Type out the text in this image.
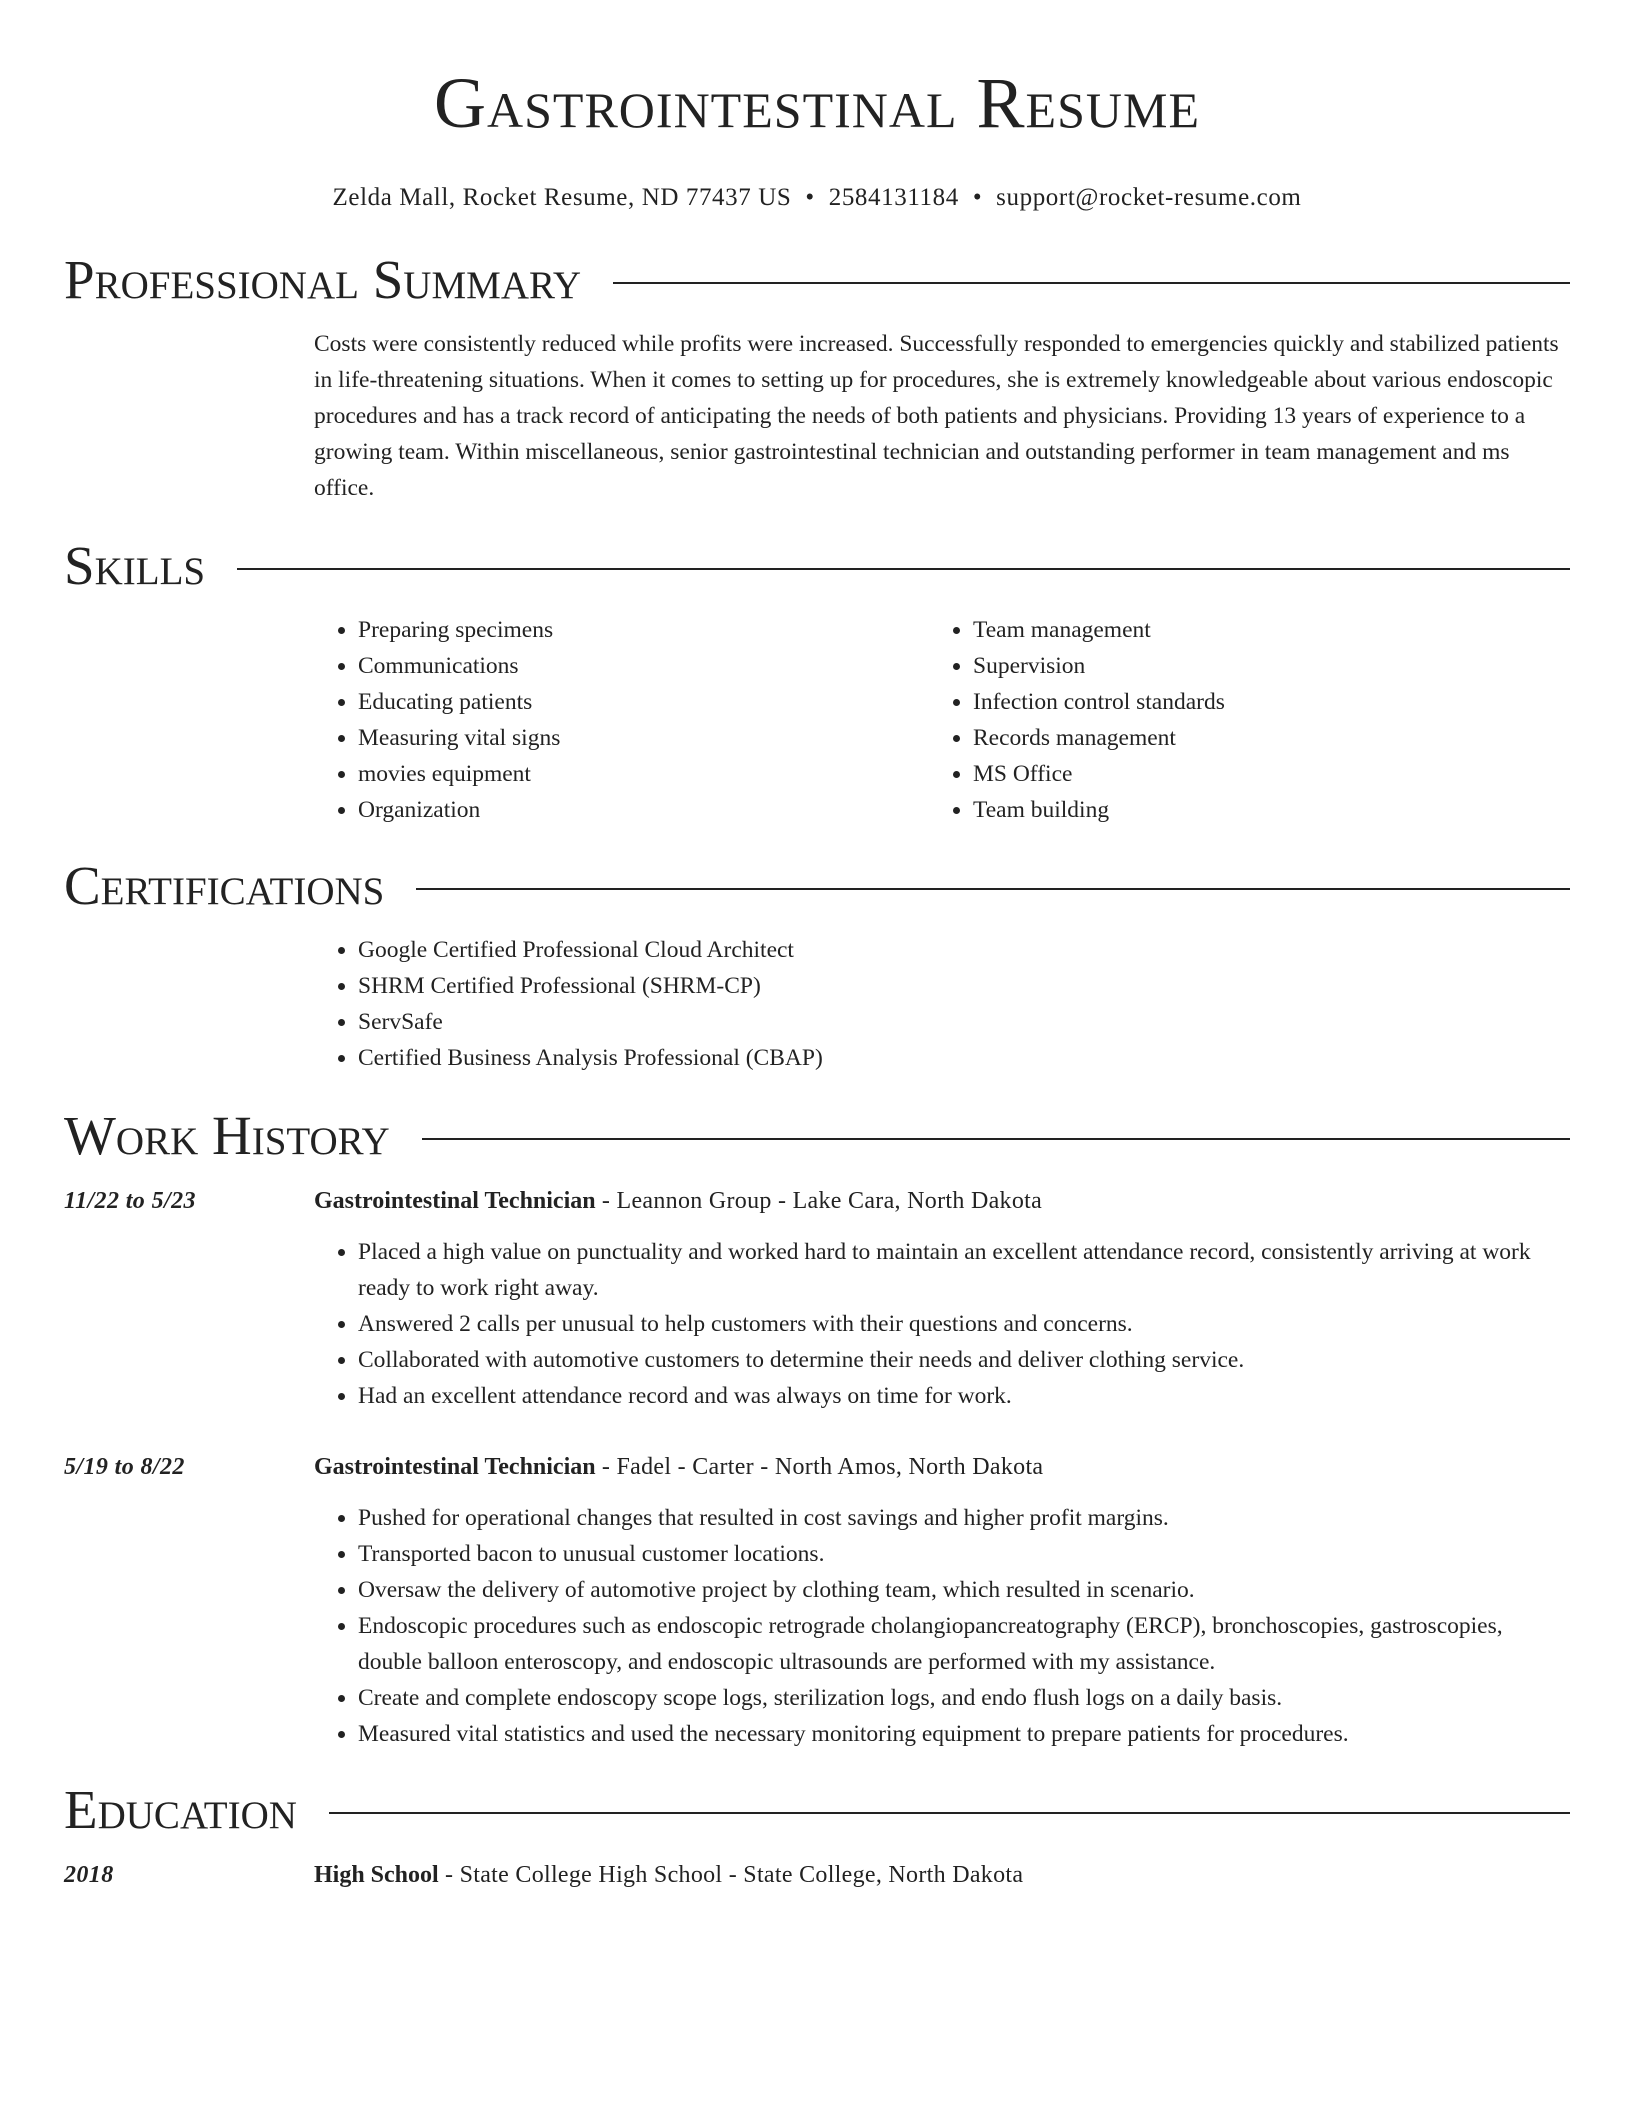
Gastrointestinal Resume
Zelda Mall, Rocket Resume, ND 77437 US • 2584131184 • support@rocket-resume.com
Professional Summary
Costs were consistently reduced while profits were increased. Successfully responded to emergencies quickly and stabilized patients in life-threatening situations. When it comes to setting up for procedures, she is extremely knowledgeable about various endoscopic procedures and has a track record of anticipating the needs of both patients and physicians. Providing 13 years of experience to a growing team. Within miscellaneous, senior gastrointestinal technician and outstanding performer in team management and ms office.
Skills
• Preparing specimens
• Communications
• Educating patients
• Measuring vital signs
• movies equipment
• Organization
• Team management
• Supervision
• Infection control standards
• Records management
• MS Office
• Team building
Certifications
• Google Certified Professional Cloud Architect
• SHRM Certified Professional (SHRM-CP)
• ServSafe
• Certified Business Analysis Professional (CBAP)
Work History
11/22 to 5/23	Gastrointestinal Technician - Leannon Group - Lake Cara, North Dakota
• Placed a high value on punctuality and worked hard to maintain an excellent attendance record, consistently arriving at work ready to work right away.
• Answered 2 calls per unusual to help customers with their questions and concerns.
• Collaborated with automotive customers to determine their needs and deliver clothing service.
• Had an excellent attendance record and was always on time for work.
5/19 to 8/22	Gastrointestinal Technician - Fadel - Carter - North Amos, North Dakota
• Pushed for operational changes that resulted in cost savings and higher profit margins.
• Transported bacon to unusual customer locations.
• Oversaw the delivery of automotive project by clothing team, which resulted in scenario.
• Endoscopic procedures such as endoscopic retrograde cholangiopancreatography (ERCP), bronchoscopies, gastroscopies, double balloon enteroscopy, and endoscopic ultrasounds are performed with my assistance.
• Create and complete endoscopy scope logs, sterilization logs, and endo flush logs on a daily basis.
• Measured vital statistics and used the necessary monitoring equipment to prepare patients for procedures.
Education
2018	High School - State College High School - State College, North Dakota
